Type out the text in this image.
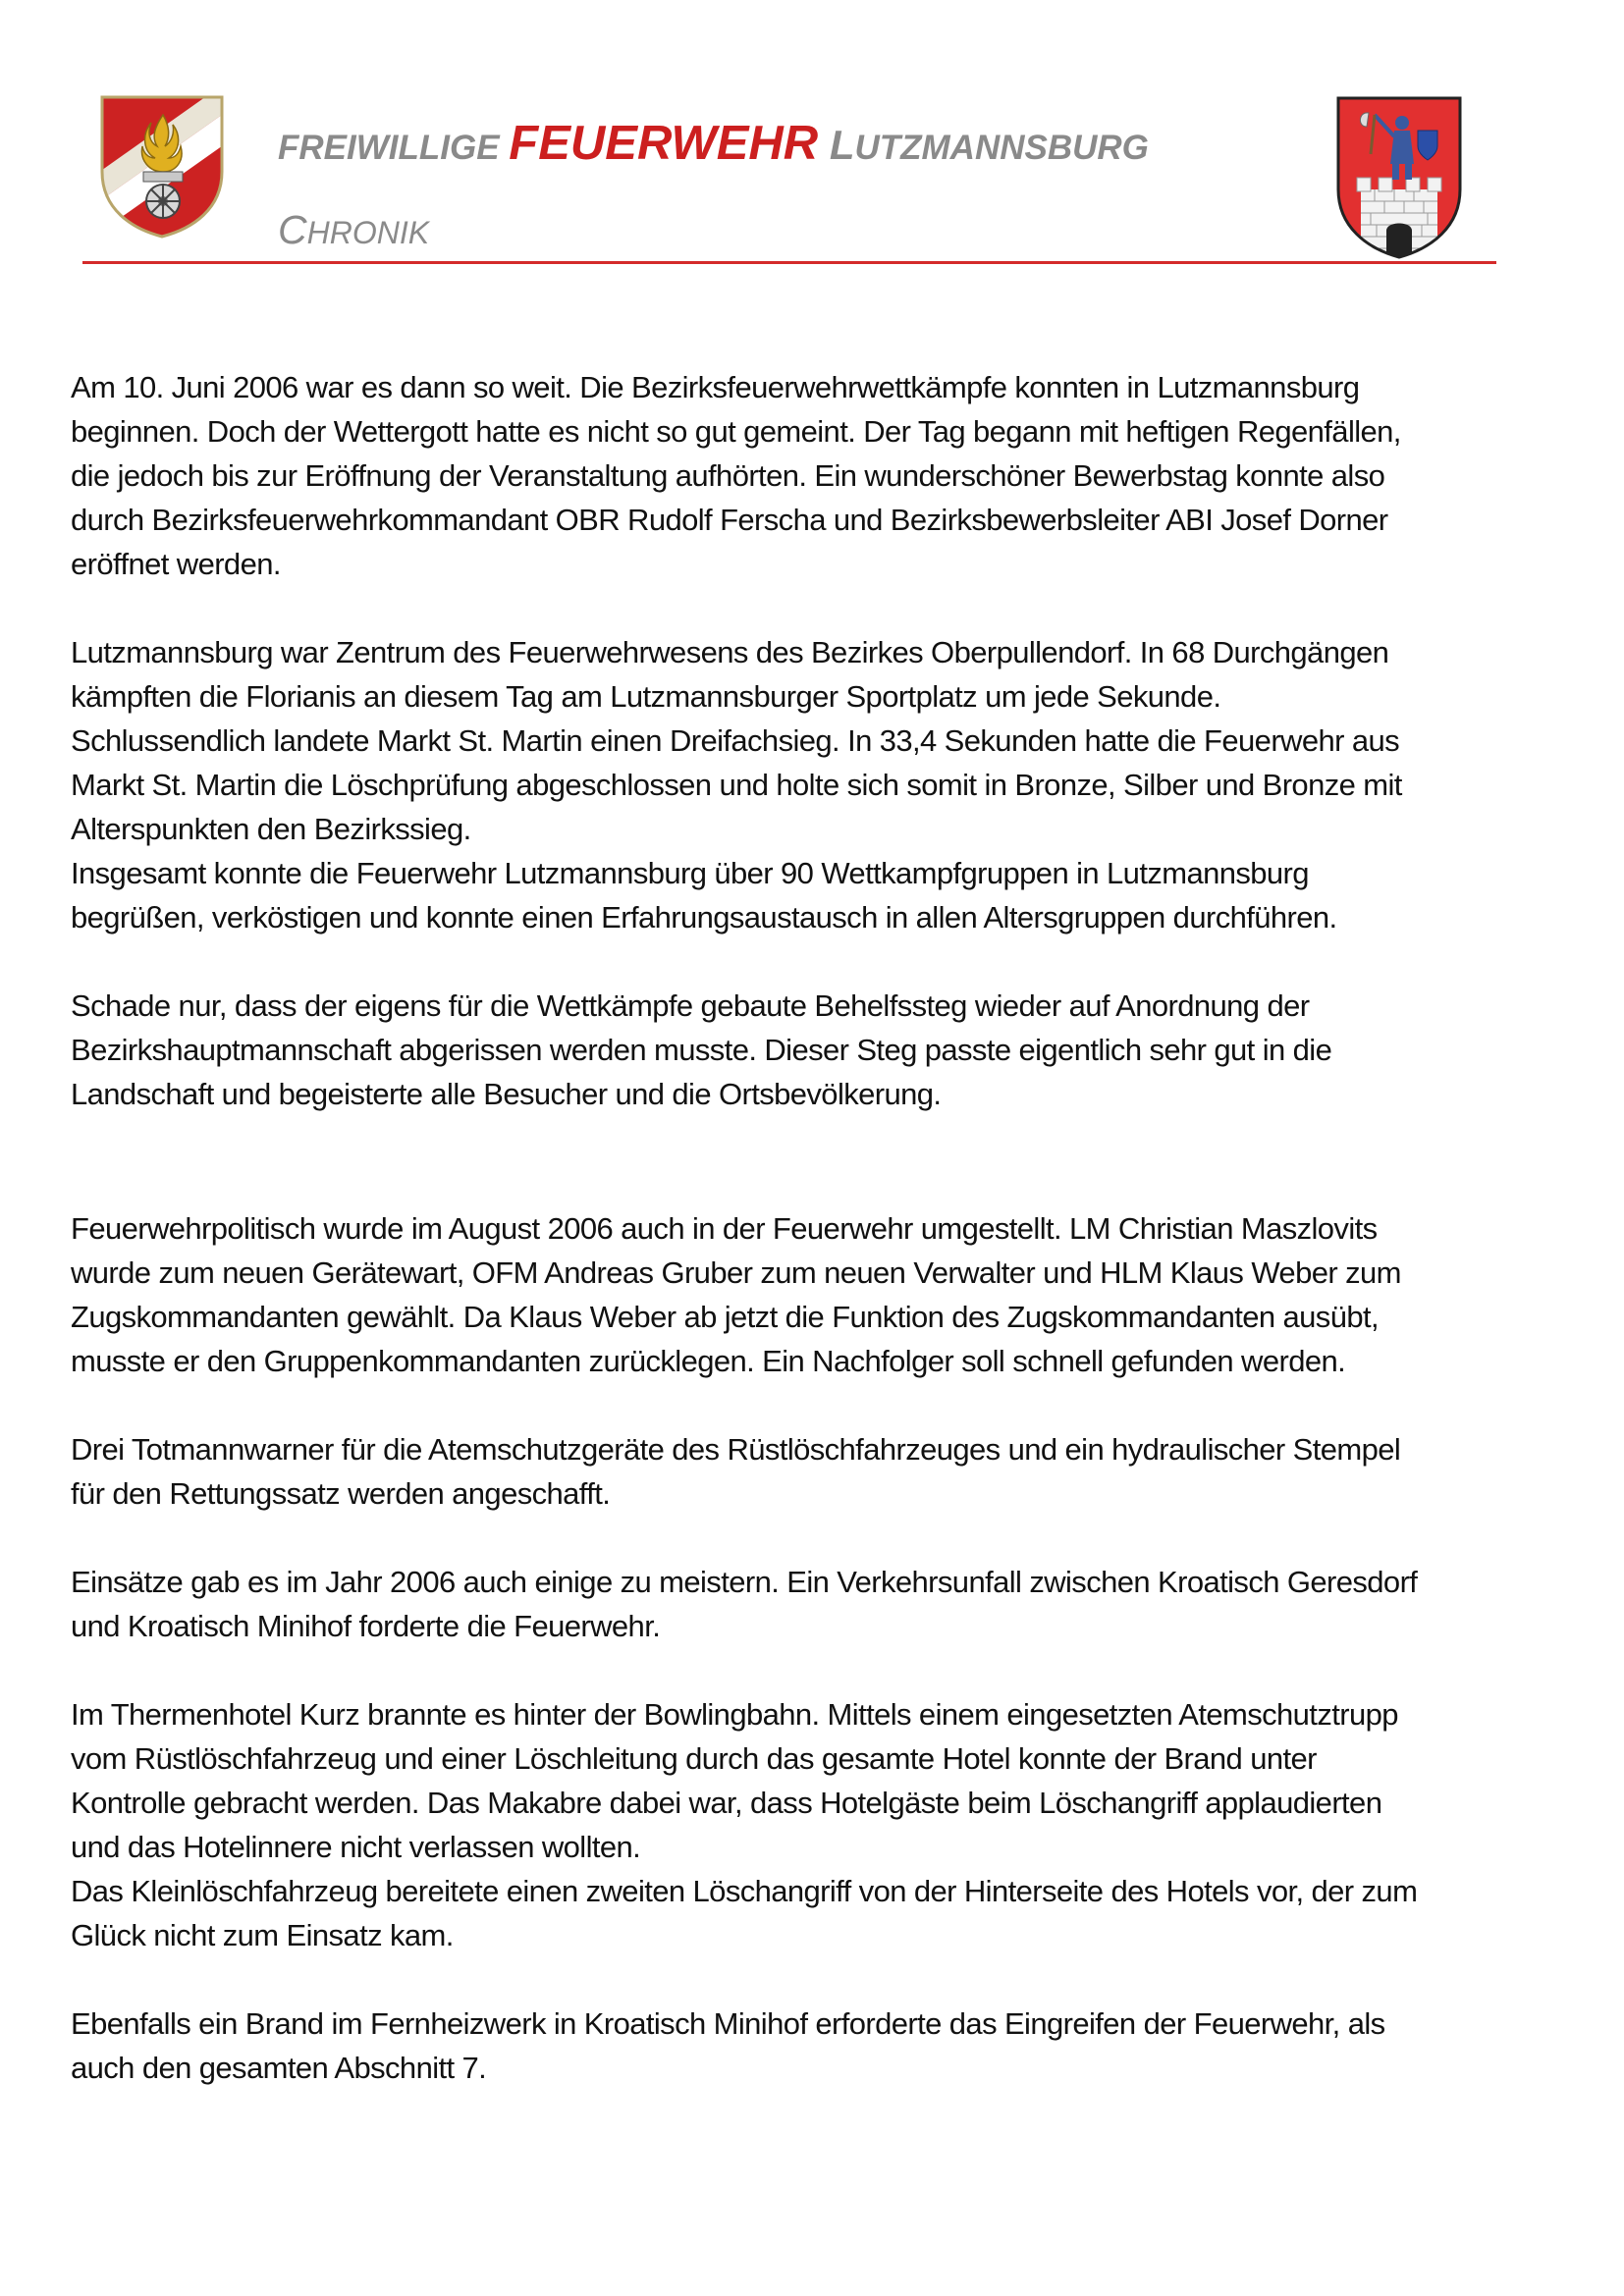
FREIWILLIGE FEUERWEHR LUTZMANNSBURG
CHRONIK

Am 10. Juni 2006 war es dann so weit. Die Bezirksfeuerwehrwettkämpfe konnten in Lutzmannsburg
beginnen. Doch der Wettergott hatte es nicht so gut gemeint. Der Tag begann mit heftigen Regenfällen,
die jedoch bis zur Eröffnung der Veranstaltung aufhörten. Ein wunderschöner Bewerbstag konnte also
durch Bezirksfeuerwehrkommandant OBR Rudolf Ferscha und Bezirksbewerbsleiter ABI Josef Dorner
eröffnet werden.

Lutzmannsburg war Zentrum des Feuerwehrwesens des Bezirkes Oberpullendorf. In 68 Durchgängen
kämpften die Florianis an diesem Tag am Lutzmannsburger Sportplatz um jede Sekunde.
Schlussendlich landete Markt St. Martin einen Dreifachsieg. In 33,4 Sekunden hatte die Feuerwehr aus
Markt St. Martin die Löschprüfung abgeschlossen und holte sich somit in Bronze, Silber und Bronze mit
Alterspunkten den Bezirkssieg.
Insgesamt konnte die Feuerwehr Lutzmannsburg über 90 Wettkampfgruppen in Lutzmannsburg
begrüßen, verköstigen und konnte einen Erfahrungsaustausch in allen Altersgruppen durchführen.

Schade nur, dass der eigens für die Wettkämpfe gebaute Behelfssteg wieder auf Anordnung der
Bezirkshauptmannschaft abgerissen werden musste. Dieser Steg passte eigentlich sehr gut in die
Landschaft und begeisterte alle Besucher und die Ortsbevölkerung.

Feuerwehrpolitisch wurde im August 2006 auch in der Feuerwehr umgestellt. LM Christian Maszlovits
wurde zum neuen Gerätewart, OFM Andreas Gruber zum neuen Verwalter und HLM Klaus Weber zum
Zugskommandanten gewählt. Da Klaus Weber ab jetzt die Funktion des Zugskommandanten ausübt,
musste er den Gruppenkommandanten zurücklegen. Ein Nachfolger soll schnell gefunden werden.

Drei Totmannwarner für die Atemschutzgeräte des Rüstlöschfahrzeuges und ein hydraulischer Stempel
für den Rettungssatz werden angeschafft.

Einsätze gab es im Jahr 2006 auch einige zu meistern. Ein Verkehrsunfall zwischen Kroatisch Geresdorf
und Kroatisch Minihof forderte die Feuerwehr.

Im Thermenhotel Kurz brannte es hinter der Bowlingbahn. Mittels einem eingesetzten Atemschutztrupp
vom Rüstlöschfahrzeug und einer Löschleitung durch das gesamte Hotel konnte der Brand unter
Kontrolle gebracht werden. Das Makabre dabei war, dass Hotelgäste beim Löschangriff applaudierten
und das Hotelinnere nicht verlassen wollten.
Das Kleinlöschfahrzeug bereitete einen zweiten Löschangriff von der Hinterseite des Hotels vor, der zum
Glück nicht zum Einsatz kam.

Ebenfalls ein Brand im Fernheizwerk in Kroatisch Minihof erforderte das Eingreifen der Feuerwehr, als
auch den gesamten Abschnitt 7.
